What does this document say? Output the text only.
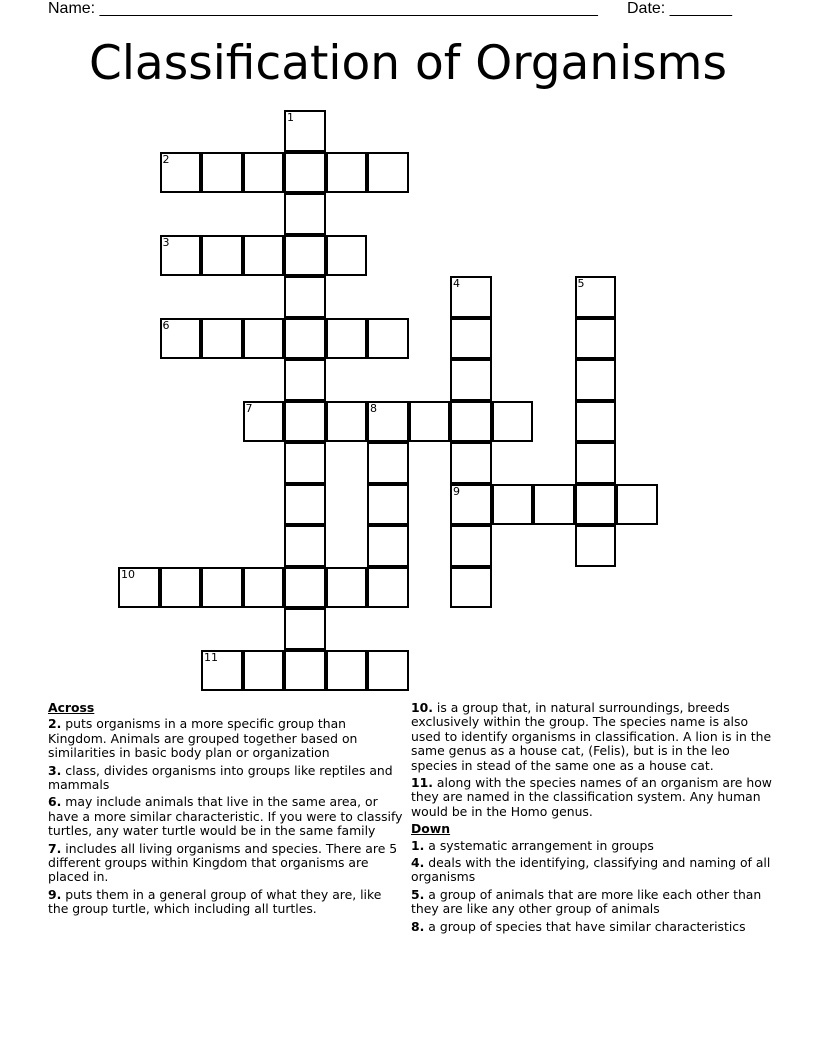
Name: ________________________________________________________ Date: _______
Classification of Organisms
1
2
3
4
9
5
6
7	8
10
11
Across
2. puts organisms in a more specific group than Kingdom. Animals are grouped together based on similarities in basic body plan or organization
3. class, divides organisms into groups like reptiles and mammals
6. may include animals that live in the same area, or have a more similar characteristic. If you were to classify turtles, any water turtle would be in the same family
7. includes all living organisms and species. There are 5 different groups within Kingdom that organisms are placed in.
9. puts them in a general group of what they are, like the group turtle, which including all turtles.
10. is a group that, in natural surroundings, breeds exclusively within the group. The species name is also used to identify organisms in classification. A lion is in the same genus as a house cat, (Felis), but is in the leo species in stead of the same one as a house cat.
11. along with the species names of an organism are how they are named in the classification system. Any human would be in the Homo genus.
Down
1. a systematic arrangement in groups
4. deals with the identifying, classifying and naming of all organisms
5. a group of animals that are more like each other than they are like any other group of animals
8. a group of species that have similar characteristics
